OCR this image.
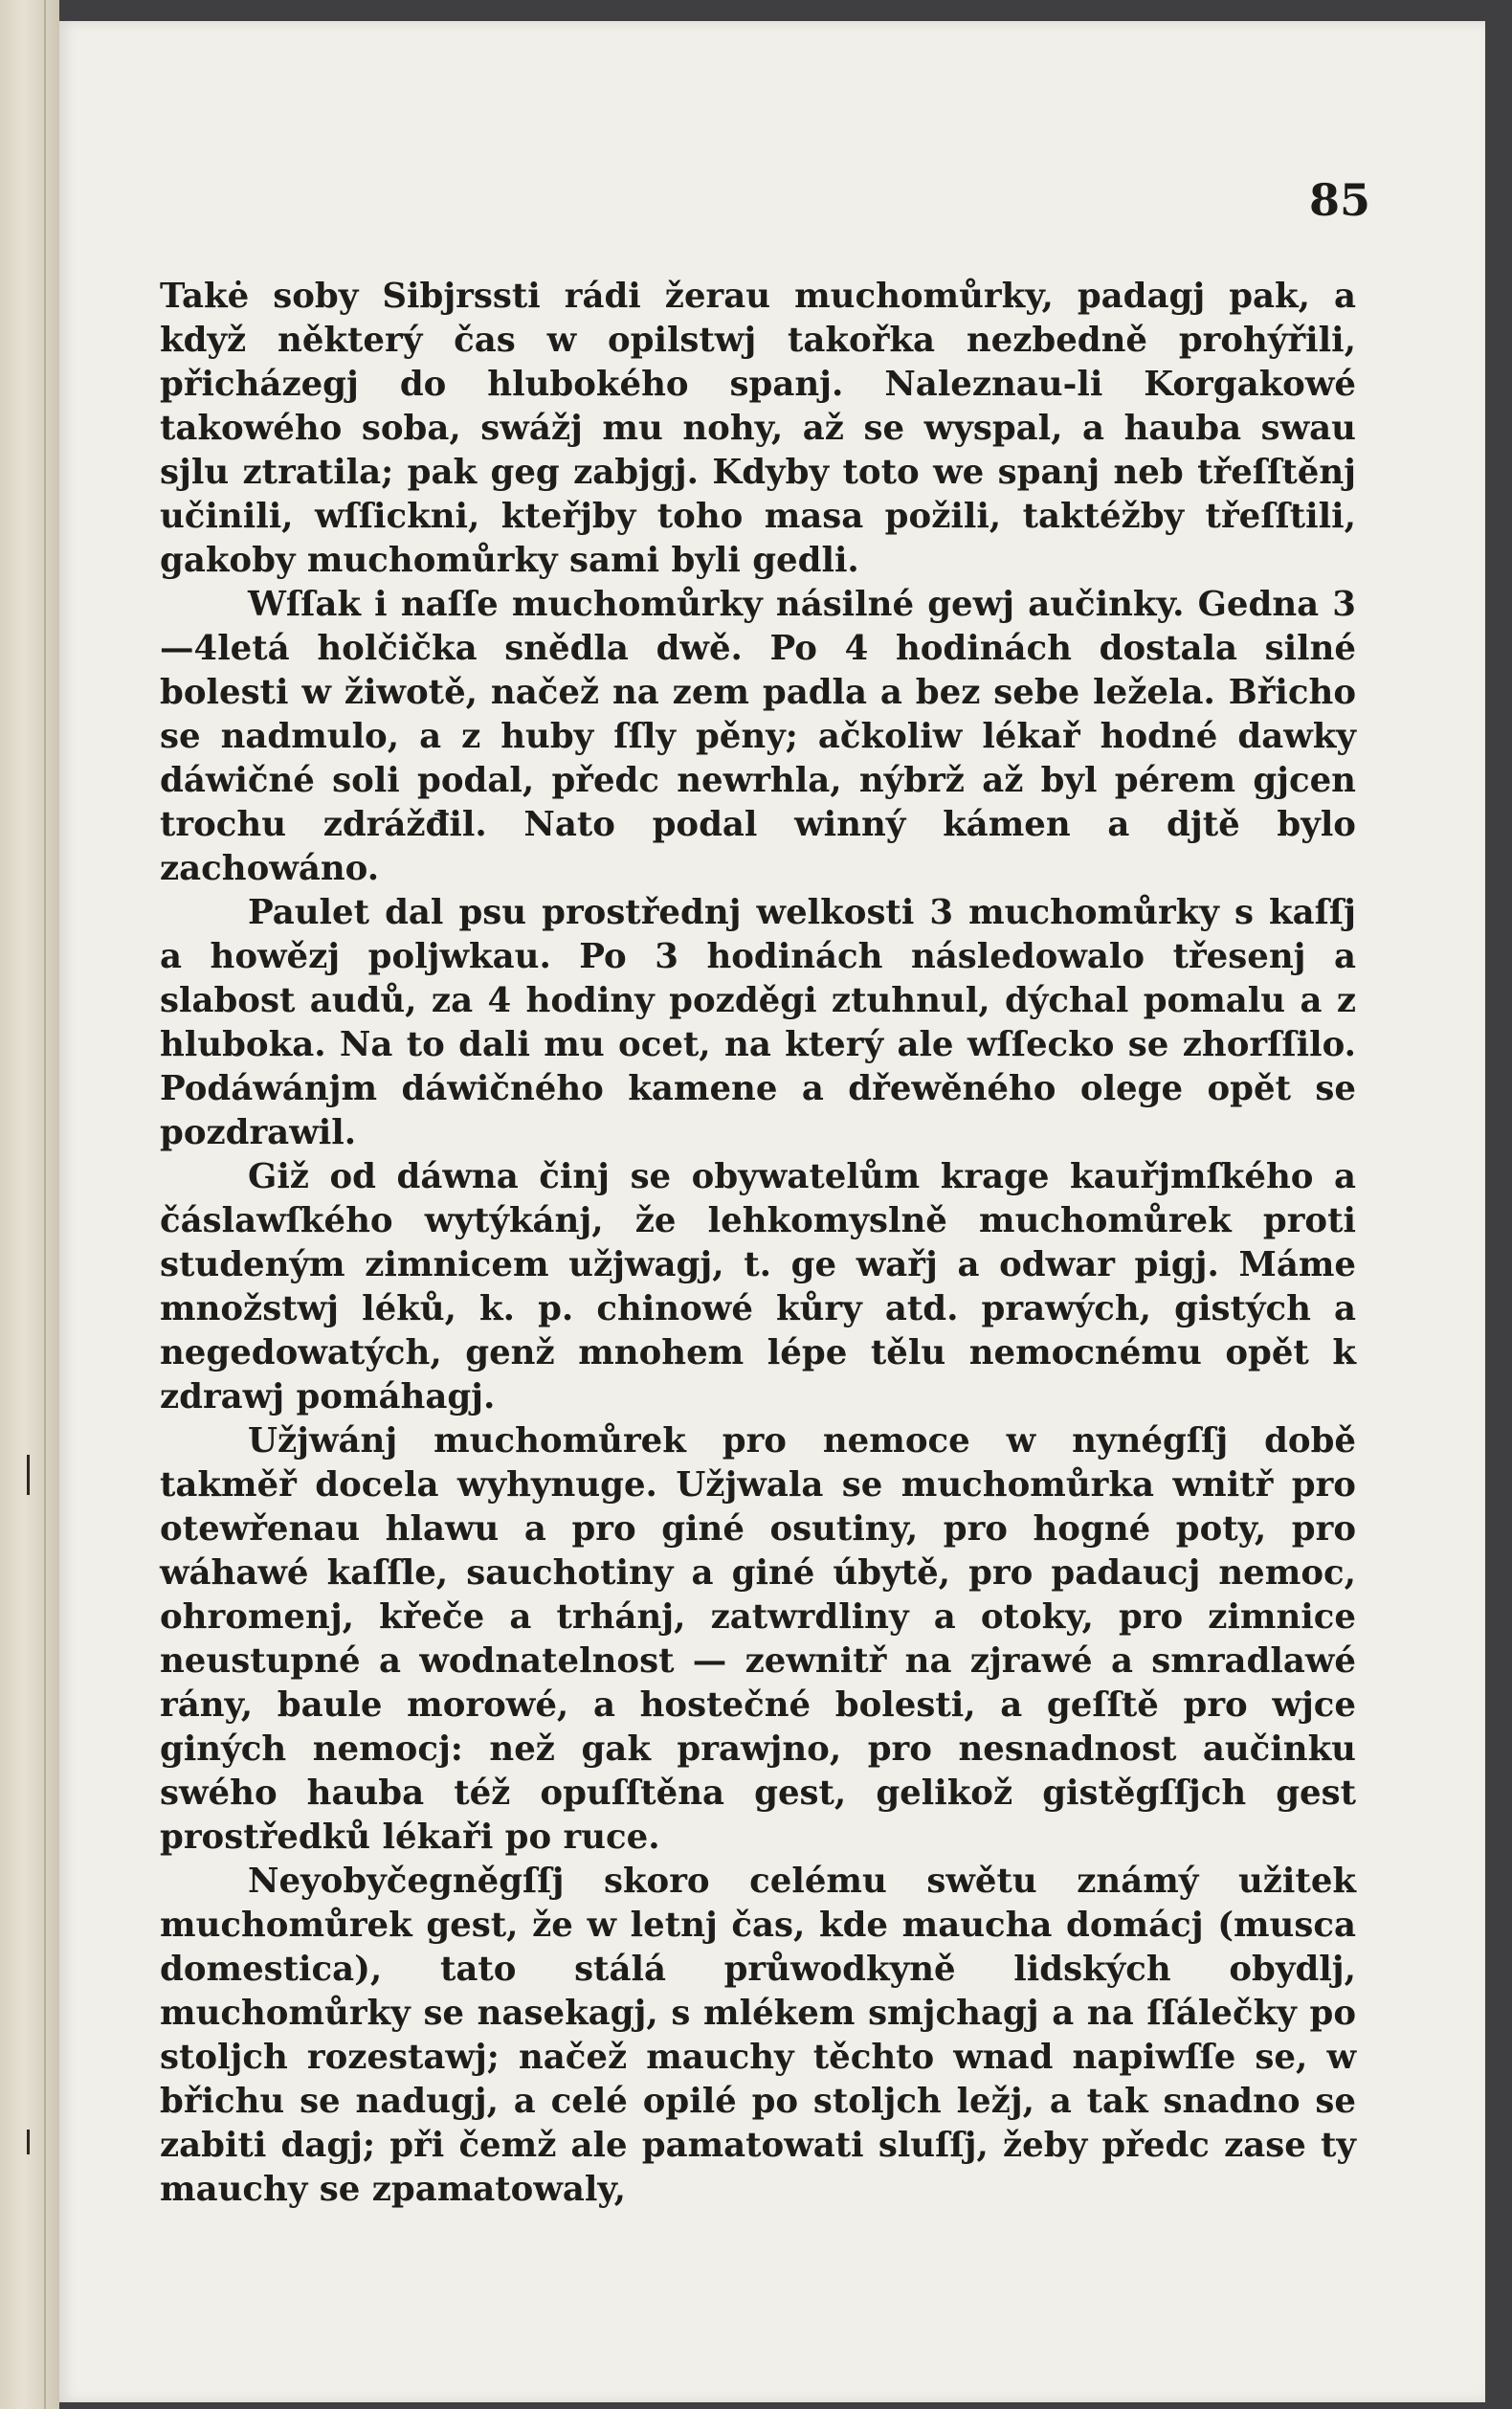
85

Takė soby Sibjrssti rádi žerau muchomůrky, padagj pak, a když některý čas w opilstwj takořka nezbedně prohýřili, přicházegj do hlubokého spanj. Naleznau-li Korgakowé takowého soba, swážj mu nohy, až se wyspal, a hauba swau sjlu ztratila; pak geg zabjgj. Kdyby toto we spanj neb třeſſtěnj učinili, wſſickni, kteřjby toho masa požili, taktéžby třeſſtili, gakoby muchomůrky sami byli gedli.

Wſſak i naſſe muchomůrky násilné gewj aučinky. Gedna 3—4letá holčička snědla dwě. Po 4 hodinách dostala silné bolesti w žiwotě, načež na zem padla a bez sebe ležela. Břicho se nadmulo, a z huby ſſly pěny; ačkoliw lékař hodné dawky dáwičné soli podal, předc newrhla, nýbrž až byl pérem gjcen trochu zdrážđil. Nato podal winný kámen a djtě bylo zachowáno.

Paulet dal psu prostřednj welkosti 3 muchomůrky s kaſſj a howězj polјwkau. Po 3 hodinách následowalo třesenj a slabost audů, za 4 hodiny pozděgi ztuhnul, dýchal pomalu a z hluboka. Na to dali mu ocet, na který ale wſſecko se zhorſſilo. Podáwánjm dáwičného kamene a dřewěného olege opět se pozdrawil.

Giž od dáwna činj se obywatelům krage kauřjmſkého a čáslawſkého wytýkánj, že lehkomyslně muchomůrek proti studeným zimnicem užjwagj, t. ge wařj a odwar pigj. Máme množstwj léků, k. p. chinowé kůry atd. prawých, gistých a negedowatých, genž mnohem lépe tělu nemocnému opět k zdrawj pomáhagj.

Užjwánj muchomůrek pro nemoce w nynégſſj době takměř docela wyhynuge. Užjwala se muchomůrka wnitř pro otewřenau hlawu a pro giné osutiny, pro hogné poty, pro wáhawé kaſſle, sauchotiny a giné úbytě, pro padaucj nemoc, ohromenj, křeče a trhánj, zatwrdliny a otoky, pro zimnice neustupné a wodnatelnost — zewnitř na zjrawé a smradlawé rány, baule morowé, a hostečné bolesti, a geſſtě pro wjce giných nemocj: než gak prawjno, pro nesnadnost aučinku swého hauba též opuſſtěna gest, gelikož gistěgſſjch gest prostředků lékaři po ruce.

Neyobyčegněgſſj skoro celému swětu známý užitek muchomůrek gest, že w letnj čas, kde maucha domácj (musca domestica), tato stálá průwodkyně lidských obydlj, muchomůrky se nasekagj, s mlékem smjchagj a na ſſálečky po stoljch rozestawj; načež mauchy těchto wnad napiwſſe se, w břichu se nadugj, a celé opilé po stoljch ležj, a tak snadno se zabiti dagj; při čemž ale pamatowati sluſſj, žeby předc zase ty mauchy se zpamatowaly,
